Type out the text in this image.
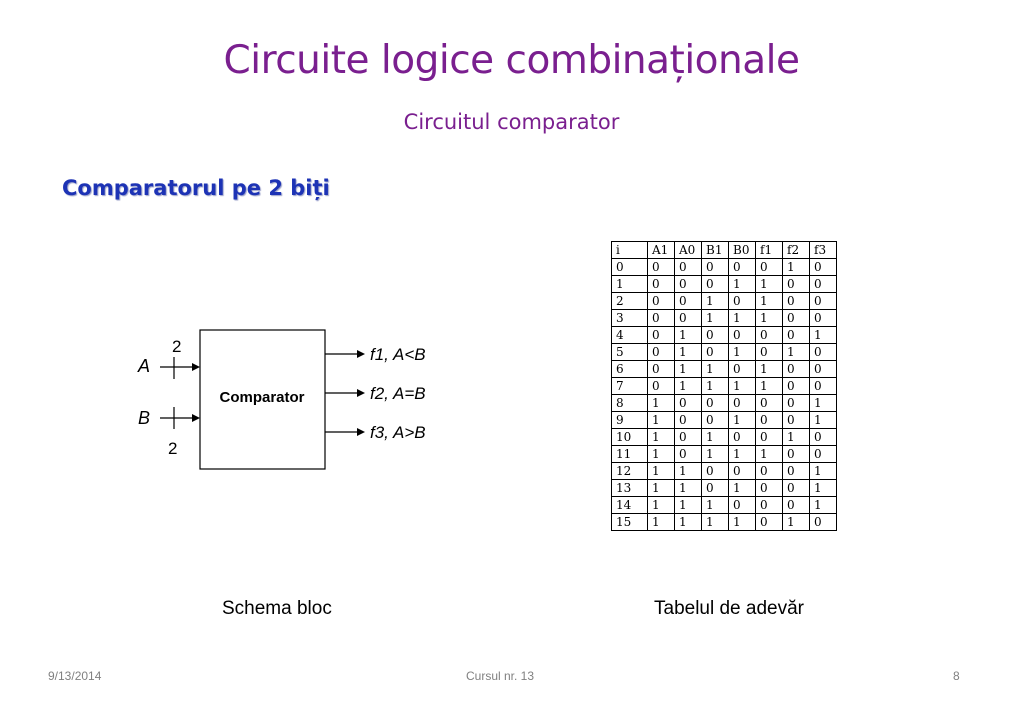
Circuite logice combinaționale
Circuitul comparator
Comparatorul pe 2 biți
Comparator
A
2
B
2
f1, A<B
f2, A=B
f3, A>B
i	A1	A0	B1	B0	f1	f2	f3
0	0	0	0	0	0	1	0
1	0	0	0	1	1	0	0
2	0	0	1	0	1	0	0
3	0	0	1	1	1	0	0
4	0	1	0	0	0	0	1
5	0	1	0	1	0	1	0
6	0	1	1	0	1	0	0
7	0	1	1	1	1	0	0
8	1	0	0	0	0	0	1
9	1	0	0	1	0	0	1
10	1	0	1	0	0	1	0
11	1	0	1	1	1	0	0
12	1	1	0	0	0	0	1
13	1	1	0	1	0	0	1
14	1	1	1	0	0	0	1
15	1	1	1	1	0	1	0
Schema bloc	Tabelul de adevăr
9/13/2014	Cursul nr. 13	8
